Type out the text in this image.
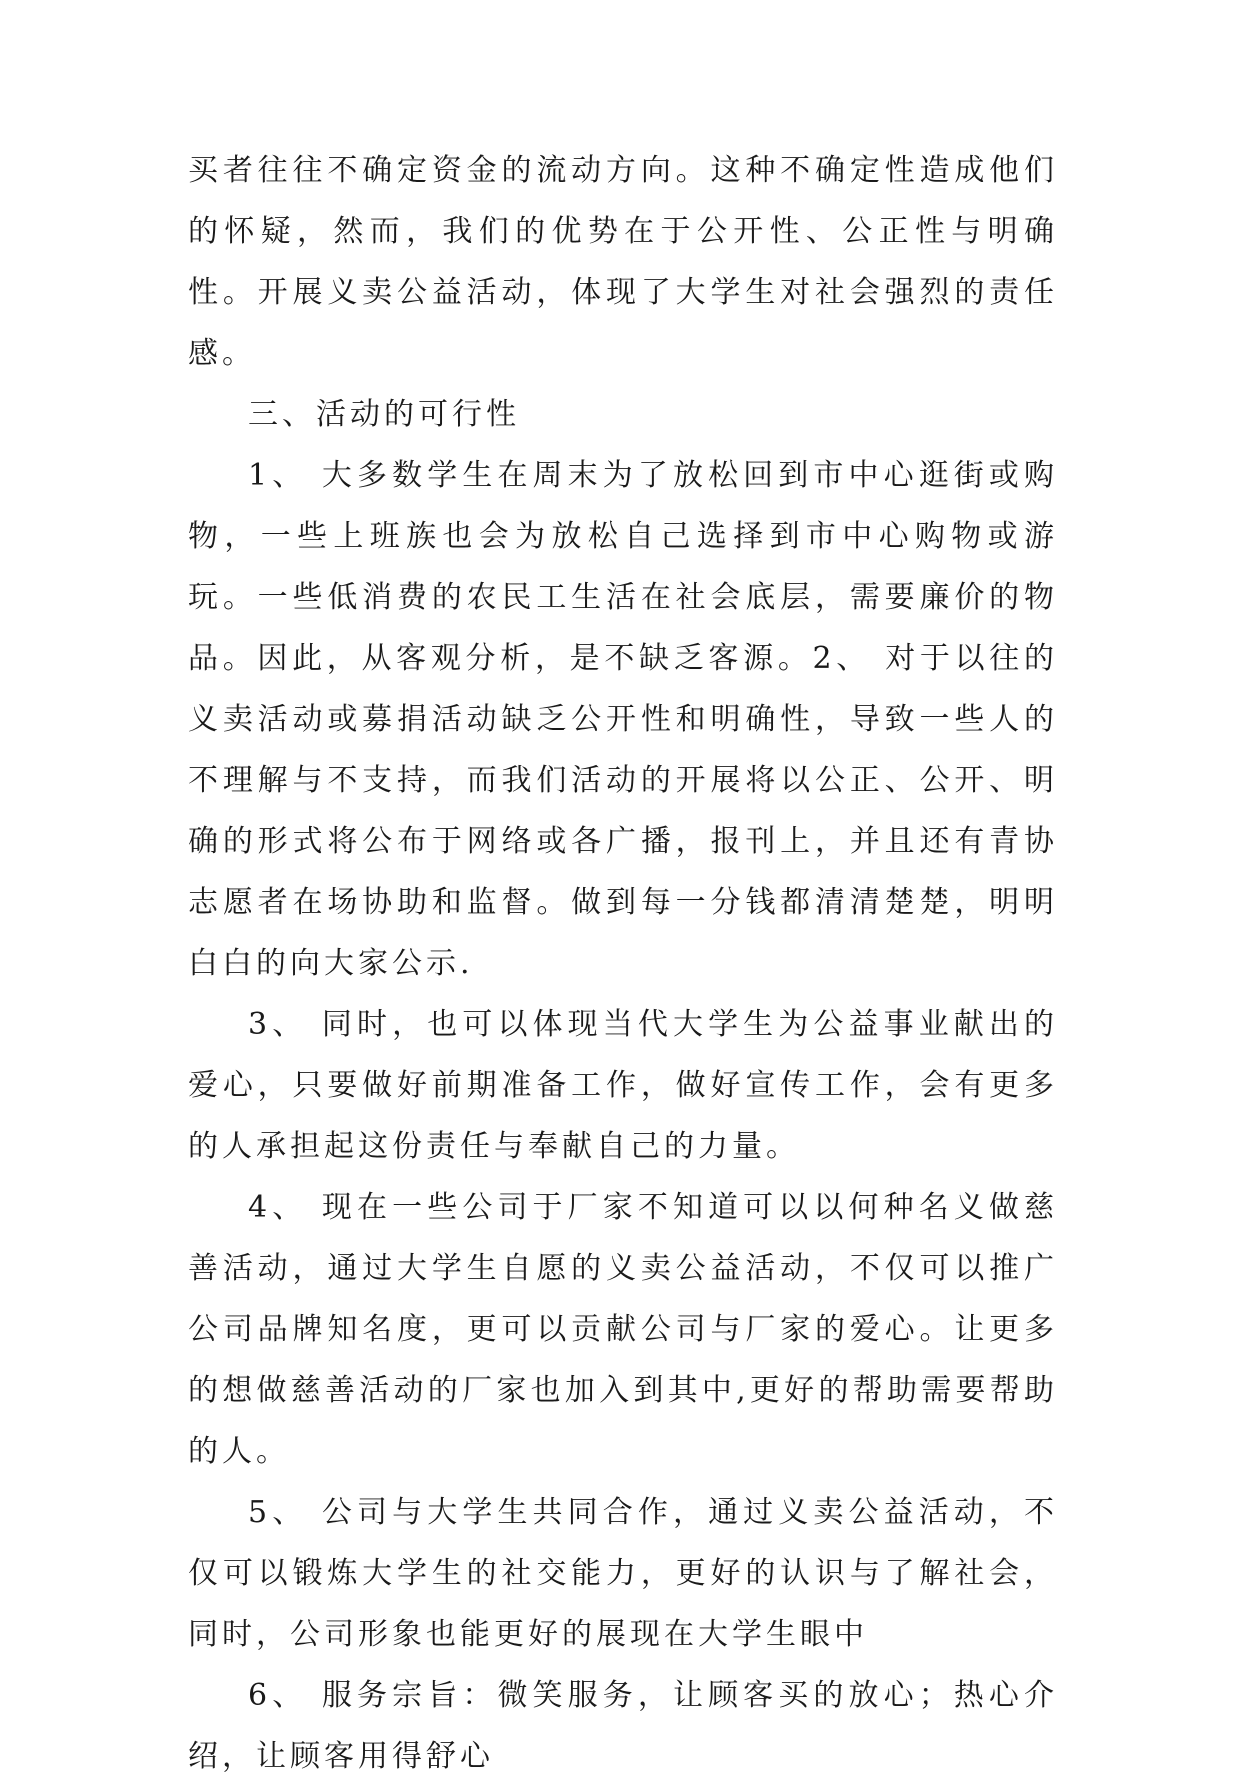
买者往往不确定资金的流动方向。这种不确定性造成他们的怀疑，然而，我们的优势在于公开性、公正性与明确性。开展义卖公益活动，体现了大学生对社会强烈的责任感。

三、活动的可行性

1、 大多数学生在周末为了放松回到市中心逛街或购物，一些上班族也会为放松自己选择到市中心购物或游玩。一些低消费的农民工生活在社会底层，需要廉价的物品。因此，从客观分析，是不缺乏客源。2、 对于以往的义卖活动或募捐活动缺乏公开性和明确性，导致一些人的不理解与不支持，而我们活动的开展将以公正、公开、明确的形式将公布于网络或各广播，报刊上，并且还有青协志愿者在场协助和监督。做到每一分钱都清清楚楚，明明白白的向大家公示.

3、 同时，也可以体现当代大学生为公益事业献出的爱心，只要做好前期准备工作，做好宣传工作，会有更多的人承担起这份责任与奉献自己的力量。

4、 现在一些公司于厂家不知道可以以何种名义做慈善活动，通过大学生自愿的义卖公益活动，不仅可以推广公司品牌知名度，更可以贡献公司与厂家的爱心。让更多的想做慈善活动的厂家也加入到其中,更好的帮助需要帮助的人。

5、 公司与大学生共同合作，通过义卖公益活动，不仅可以锻炼大学生的社交能力，更好的认识与了解社会，同时，公司形象也能更好的展现在大学生眼中

6、 服务宗旨：微笑服务，让顾客买的放心；热心介绍，让顾客用得舒心
